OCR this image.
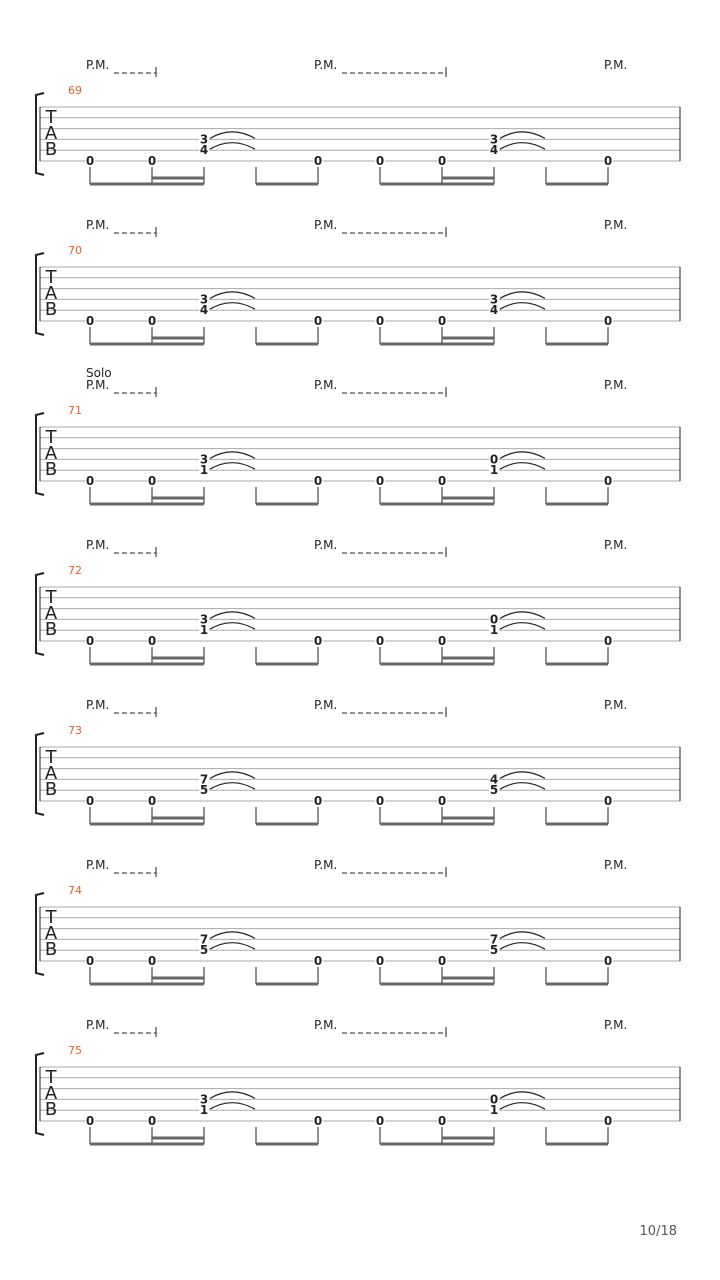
P.M.	P.M.	P.M.
69
T
A
B
0	0	0	0	0	0
3
4
3
4
P.M.	P.M.	P.M.
70
T
A
B
0	0	0	0	0	0
3
4
3
4
P.M.	P.M.	P.M.
Solo
71
T
A
B
0	0	0	0	0	0
3
1
0
1
P.M.	P.M.	P.M.
72
T
A
B
0	0	0	0	0	0
3
1
0
1
P.M.	P.M.	P.M.
73
T
A
B
0	0	0	0	0	0
7
5
4
5
P.M.	P.M.	P.M.
74
T
A
B
0	0	0	0	0	0
7
5
7
5
P.M.	P.M.	P.M.
75
T
A
B
0	0	0	0	0	0
3
1
0
1
10/18
